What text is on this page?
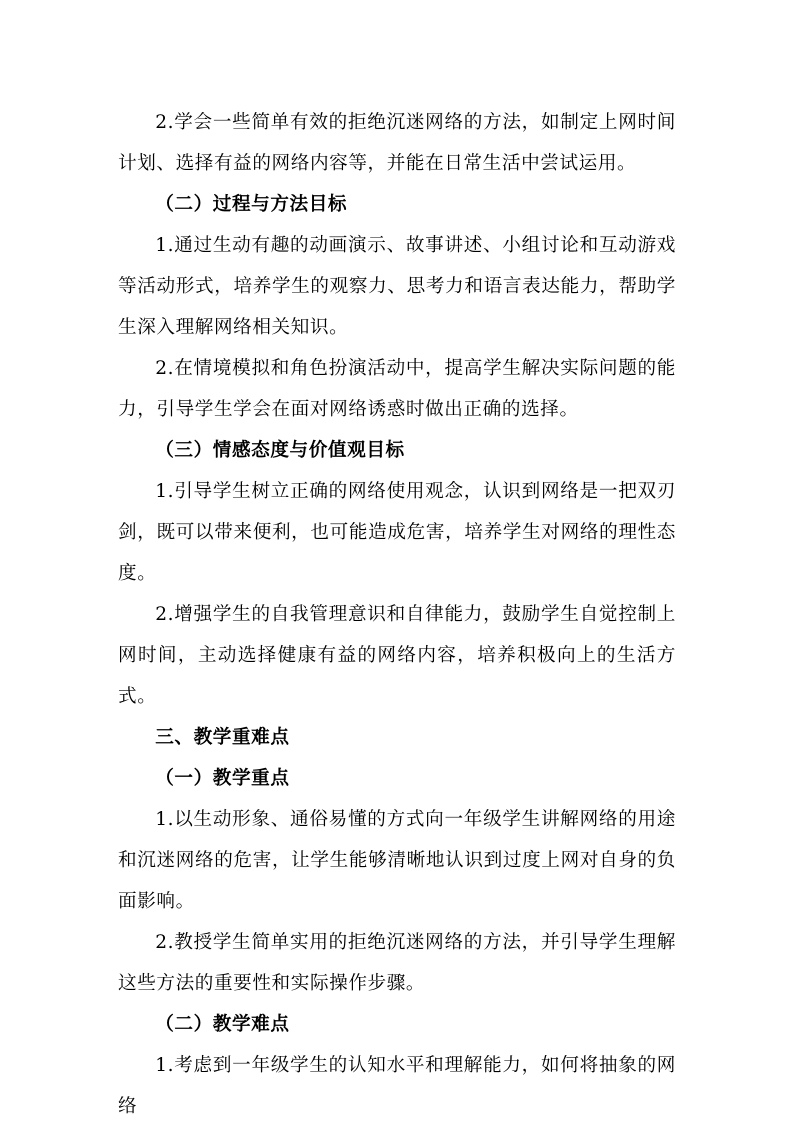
2.学会一些简单有效的拒绝沉迷网络的方法，如制定上网时间计划、选择有益的网络内容等，并能在日常生活中尝试运用。

（二）过程与方法目标

1.通过生动有趣的动画演示、故事讲述、小组讨论和互动游戏等活动形式，培养学生的观察力、思考力和语言表达能力，帮助学生深入理解网络相关知识。

2.在情境模拟和角色扮演活动中，提高学生解决实际问题的能力，引导学生学会在面对网络诱惑时做出正确的选择。

（三）情感态度与价值观目标

1.引导学生树立正确的网络使用观念，认识到网络是一把双刃剑，既可以带来便利，也可能造成危害，培养学生对网络的理性态度。

2.增强学生的自我管理意识和自律能力，鼓励学生自觉控制上网时间，主动选择健康有益的网络内容，培养积极向上的生活方式。

三、教学重难点

（一）教学重点

1.以生动形象、通俗易懂的方式向一年级学生讲解网络的用途和沉迷网络的危害，让学生能够清晰地认识到过度上网对自身的负面影响。

2.教授学生简单实用的拒绝沉迷网络的方法，并引导学生理解这些方法的重要性和实际操作步骤。

（二）教学难点

1.考虑到一年级学生的认知水平和理解能力，如何将抽象的网络
